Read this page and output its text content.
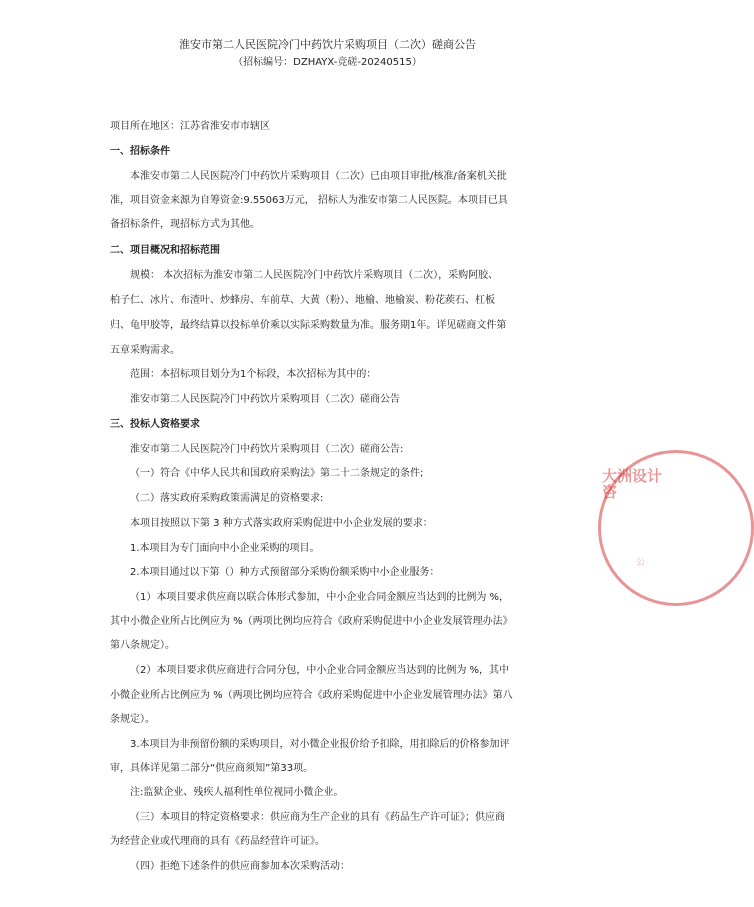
淮安市第二人民医院冷门中药饮片采购项目（二次）磋商公告
（招标编号：DZHAYX-竞磋-20240515）
项目所在地区：江苏省淮安市市辖区
一、招标条件
本淮安市第二人民医院冷门中药饮片采购项目（二次）已由项目审批/核准/备案机关批
准，项目资金来源为自筹资金:9.55063万元， 招标人为淮安市第二人民医院。本项目已具
备招标条件，现招标方式为其他。
二、项目概况和招标范围
规模： 本次招标为淮安市第二人民医院冷门中药饮片采购项目（二次），采购阿胶、
柏子仁、冰片、布渣叶、炒蜂房、车前草、大黄（粉）、地榆、地榆炭、粉花蒺石、杠板
归、龟甲胶等，最终结算以投标单价乘以实际采购数量为准。服务期1年。详见磋商文件第
五章采购需求。
范围：本招标项目划分为1个标段，本次招标为其中的：
淮安市第二人民医院冷门中药饮片采购项目（二次）磋商公告
三、投标人资格要求
淮安市第二人民医院冷门中药饮片采购项目（二次）磋商公告:
（一）符合《中华人民共和国政府采购法》第二十二条规定的条件;
（二）落实政府采购政策需满足的资格要求:
本项目按照以下第 3 种方式落实政府采购促进中小企业发展的要求：
1.本项目为专门面向中小企业采购的项目。
2.本项目通过以下第（）种方式预留部分采购份额采购中小企业服务：
（1）本项目要求供应商以联合体形式参加，中小企业合同金额应当达到的比例为 %，
其中小微企业所占比例应为 %（两项比例均应符合《政府采购促进中小企业发展管理办法》
第八条规定）。
（2）本项目要求供应商进行合同分包，中小企业合同金额应当达到的比例为 %，其中
小微企业所占比例应为 %（两项比例均应符合《政府采购促进中小企业发展管理办法》第八
条规定）。
3.本项目为非预留份额的采购项目，对小微企业报价给予扣除，用扣除后的价格参加评
审，具体详见第二部分“供应商须知”第33项。
注:监狱企业、残疾人福利性单位视同小微企业。
（三）本项目的特定资格要求：供应商为生产企业的具有《药品生产许可证》；供应商
为经营企业或代理商的具有《药品经营许可证》。
（四）拒绝下述条件的供应商参加本次采购活动：
大洲设计咨
公
